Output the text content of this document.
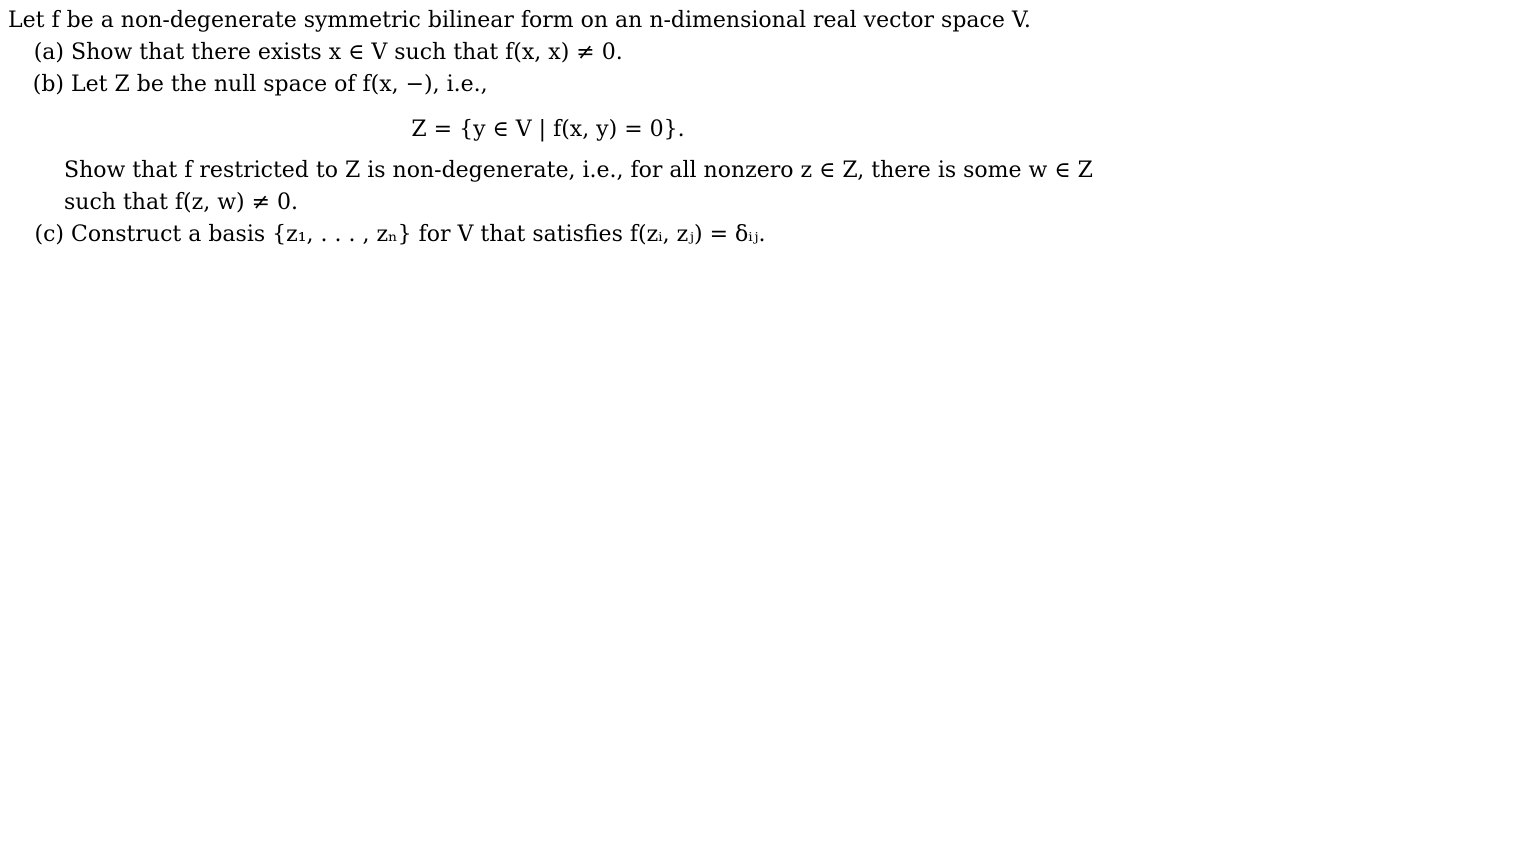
Let f be a non-degenerate symmetric bilinear form on an n-dimensional real vector space V.
(a) Show that there exists x ∈ V such that f(x, x) ≠ 0.
(b) Let Z be the null space of f(x, −), i.e.,
Z = {y ∈ V | f(x, y) = 0}.
Show that f restricted to Z is non-degenerate, i.e., for all nonzero z ∈ Z, there is some w ∈ Z
such that f(z, w) ≠ 0.
(c) Construct a basis {z₁, . . . , zₙ} for V that satisfies f(zᵢ, zⱼ) = δᵢⱼ.
